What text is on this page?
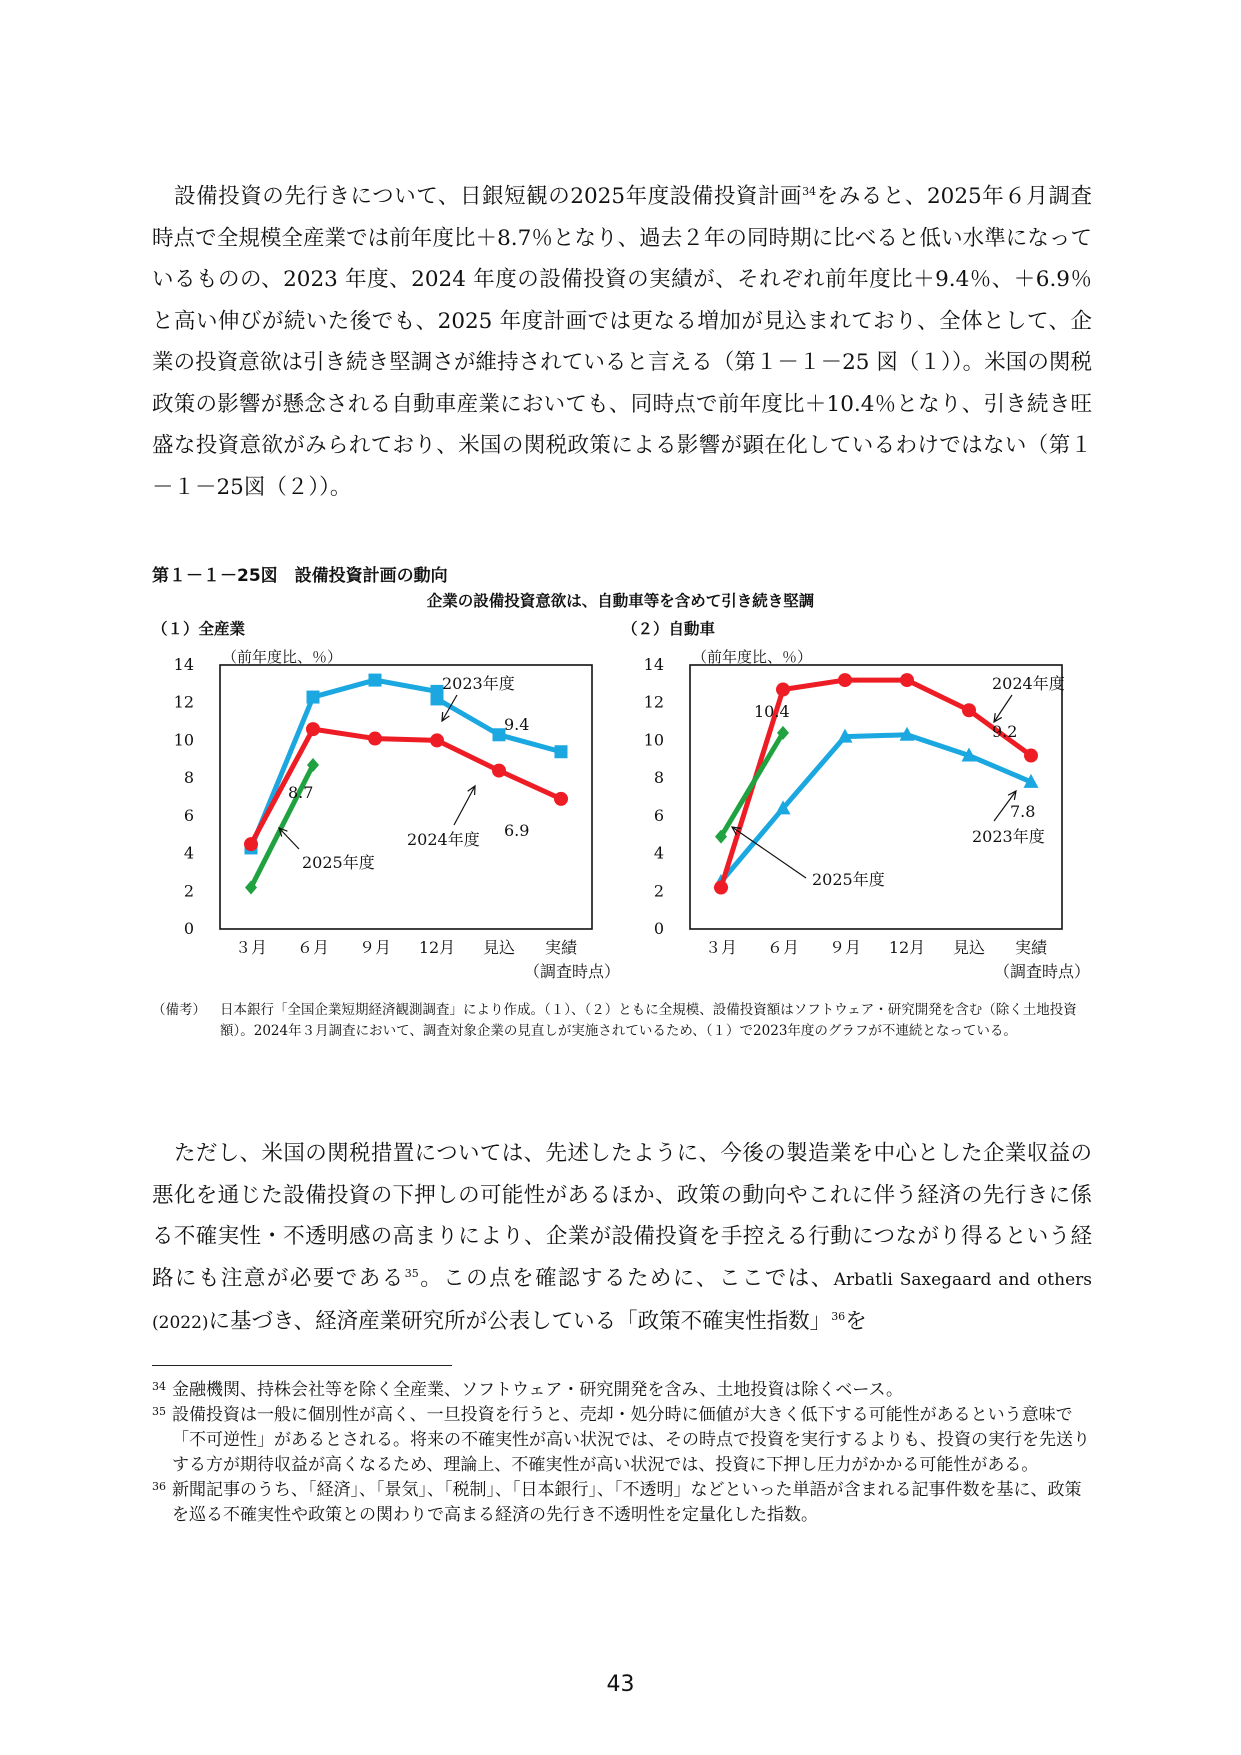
設備投資の先行きについて、日銀短観の2025年度設備投資計画$^{34}$をみると、2025年６月調査時点で全規模全産業では前年度比＋8.7％となり、過去２年の同時期に比べると低い水準になっているものの、2023 年度、2024 年度の設備投資の実績が、それぞれ前年度比＋9.4％、＋6.9％と高い伸びが続いた後でも、2025 年度計画では更なる増加が見込まれており、全体として、企業の投資意欲は引き続き堅調さが維持されていると言える（第１－１－25 図（１））。米国の関税政策の影響が懸念される自動車産業においても、同時点で前年度比＋10.4％となり、引き続き旺盛な投資意欲がみられており、米国の関税政策による影響が顕在化しているわけではない（第１－１－25図（２））。

第１－１－25図　設備投資計画の動向
企業の設備投資意欲は、自動車等を含めて引き続き堅調
（１）全産業	（２）自動車
（前年度比、％）
0
2
4
6
8
10
12
14
３月 ６月 ９月 12月 見込 実績
（調査時点）
2023年度
9.4
2024年度 6.9
2025年度
8.7
（前年度比、％）
0
2
4
6
8
10
12
14
３月 ６月 ９月 12月 見込 実績
（調査時点）
2023年度
7.8
2024年度
9.2
2025年度
10.4
（備考）	日本銀行「全国企業短期経済観測調査」により作成。（１）、（２）ともに全規模、設備投資額はソフトウェア・研究開発を含む（除く土地投資額）。2024年３月調査において、調査対象企業の見直しが実施されているため、（１）で2023年度のグラフが不連続となっている。

ただし、米国の関税措置については、先述したように、今後の製造業を中心とした企業収益の悪化を通じた設備投資の下押しの可能性があるほか、政策の動向やこれに伴う経済の先行きに係る不確実性・不透明感の高まりにより、企業が設備投資を手控える行動につながり得るという経路にも注意が必要である$^{35}$。この点を確認するために、ここでは、Arbatli Saxegaard and others (2022)に基づき、経済産業研究所が公表している「政策不確実性指数」$^{36}$を

34 金融機関、持株会社等を除く全産業、ソフトウェア・研究開発を含み、土地投資は除くベース。
35 設備投資は一般に個別性が高く、一旦投資を行うと、売却・処分時に価値が大きく低下する可能性があるという意味で「不可逆性」があるとされる。将来の不確実性が高い状況では、その時点で投資を実行するよりも、投資の実行を先送りする方が期待収益が高くなるため、理論上、不確実性が高い状況では、投資に下押し圧力がかかる可能性がある。
36 新聞記事のうち、「経済」、「景気」、「税制」、「日本銀行」、「不透明」などといった単語が含まれる記事件数を基に、政策を巡る不確実性や政策との関わりで高まる経済の先行き不透明性を定量化した指数。
43
